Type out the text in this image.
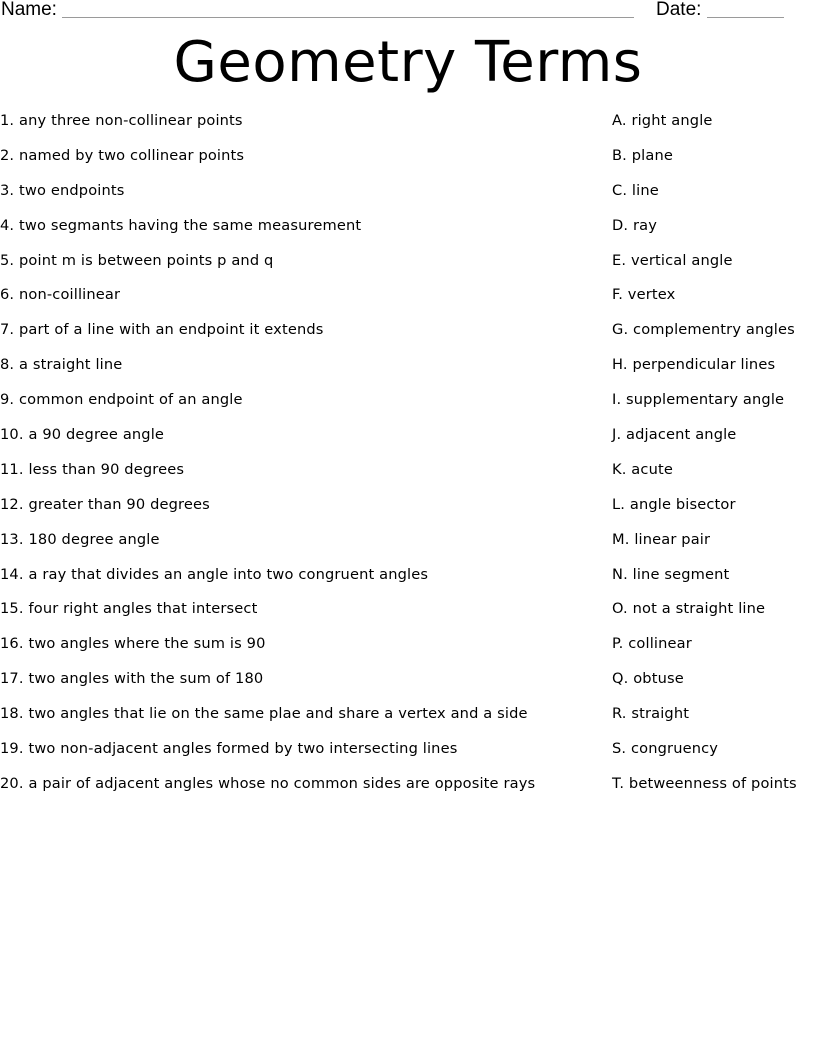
Name:	Date:
Geometry Terms
1. any three non-collinear points
2. named by two collinear points
3. two endpoints
4. two segmants having the same measurement
5. point m is between points p and q
6. non-coillinear
7. part of a line with an endpoint it extends
8. a straight line
9. common endpoint of an angle
10. a 90 degree angle
11. less than 90 degrees
12. greater than 90 degrees
13. 180 degree angle
14. a ray that divides an angle into two congruent angles
15. four right angles that intersect
16. two angles where the sum is 90
17. two angles with the sum of 180
18. two angles that lie on the same plae and share a vertex and a side
19. two non-adjacent angles formed by two intersecting lines
20. a pair of adjacent angles whose no common sides are opposite rays
A. right angle
B. plane
C. line
D. ray
E. vertical angle
F. vertex
G. complementry angles
H. perpendicular lines
I. supplementary angle
J. adjacent angle
K. acute
L. angle bisector
M. linear pair
N. line segment
O. not a straight line
P. collinear
Q. obtuse
R. straight
S. congruency
T. betweenness of points
